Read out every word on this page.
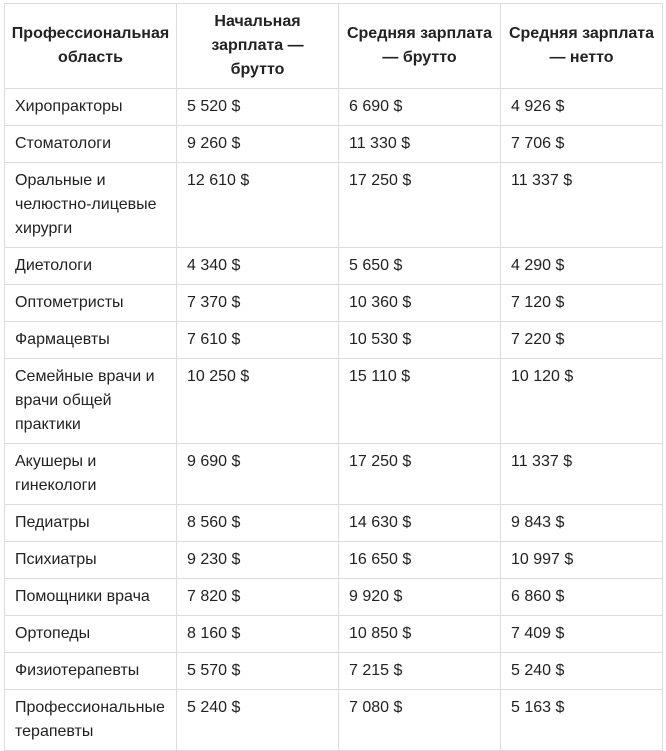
Профессиональная область	Начальная зарплата — брутто	Средняя зарплата — брутто	Средняя зарплата — нетто
Хиропракторы	5 520 $	6 690 $	4 926 $
Стоматологи	9 260 $	11 330 $	7 706 $
Оральные и челюстно-лицевые хирурги	12 610 $	17 250 $	11 337 $
Диетологи	4 340 $	5 650 $	4 290 $
Оптометристы	7 370 $	10 360 $	7 120 $
Фармацевты	7 610 $	10 530 $	7 220 $
Семейные врачи и врачи общей практики	10 250 $	15 110 $	10 120 $
Акушеры и гинекологи	9 690 $	17 250 $	11 337 $
Педиатры	8 560 $	14 630 $	9 843 $
Психиатры	9 230 $	16 650 $	10 997 $
Помощники врача	7 820 $	9 920 $	6 860 $
Ортопеды	8 160 $	10 850 $	7 409 $
Физиотерапевты	5 570 $	7 215 $	5 240 $
Профессиональные терапевты	5 240 $	7 080 $	5 163 $
